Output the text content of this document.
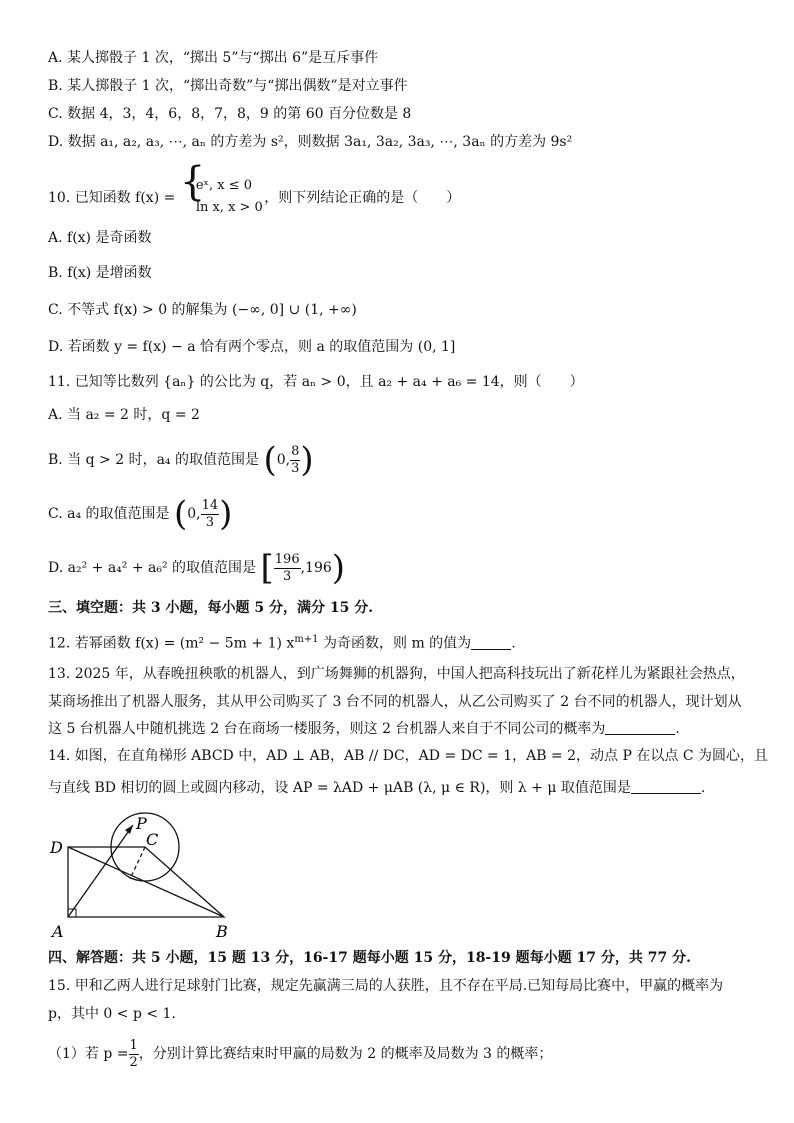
A. 某人掷骰子 1 次，“掷出 5”与“掷出 6”是互斥事件
B. 某人掷骰子 1 次，“掷出奇数”与“掷出偶数”是对立事件
C. 数据 4，3，4，6，8，7，8，9 的第 60 百分位数是 8
D. 数据 a₁, a₂, a₃, ⋯, aₙ 的方差为 s²，则数据 3a₁, 3a₂, 3a₃, ⋯, 3aₙ 的方差为 9s²
10. 已知函数 f(x) = {
eˣ, x ≤ 0
ln x, x > 0
，则下列结论正确的是（　　）
A. f(x) 是奇函数
B. f(x) 是增函数
C. 不等式 f(x) > 0 的解集为 (−∞, 0] ∪ (1, +∞)
D. 若函数 y = f(x) − a 恰有两个零点，则 a 的取值范围为 (0, 1]
11. 已知等比数列 {aₙ} 的公比为 q，若 aₙ > 0，且 a₂ + a₄ + a₆ = 14，则（　　）
A. 当 a₂ = 2 时，q = 2
B. 当 q > 2 时，a₄ 的取值范围是 (0, $\frac{8}{3}$ )
C. a₄ 的取值范围是 (0, $\frac{14}{3}$ )
D. a₂² + a₄² + a₆² 的取值范围是 [ $\frac{196}{3} ,196$)
三、填空题：共 3 小题，每小题 5 分，满分 15 分.
12. 若幂函数 f(x) = (m² − 5m + 1) $x^{m+1}$ 为奇函数，则 m 的值为	.
13. 2025 年，从春晚扭秧歌的机器人，到广场舞狮的机器狗，中国人把高科技玩出了新花样儿为紧跟社会热点，
某商场推出了机器人服务，其从甲公司购买了 3 台不同的机器人，从乙公司购买了 2 台不同的机器人，现计划从
这 5 台机器人中随机挑选 2 台在商场一楼服务，则这 2 台机器人来自于不同公司的概率为	.
14. 如图，在直角梯形 ABCD 中，AD ⊥ AB，AB // DC，AD = DC = 1，AB = 2，动点 P 在以点 C 为圆心，且
与直线 BD 相切的圆上或圆内移动，设 AP = λAD + μAB (λ, μ ∈ R)，则 λ + μ 取值范围是	.
D
A	B
C
P
四、解答题：共 5 小题，15 题 13 分，16-17 题每小题 15 分，18-19 题每小题 17 分，共 77 分.
15. 甲和乙两人进行足球射门比赛，规定先赢满三局的人获胜，且不存在平局.已知每局比赛中，甲赢的概率为
p，其中 0 < p < 1.
（1）若 $p = \frac{1}{2}$ ，分别计算比赛结束时甲赢的局数为 2 的概率及局数为 3 的概率；
